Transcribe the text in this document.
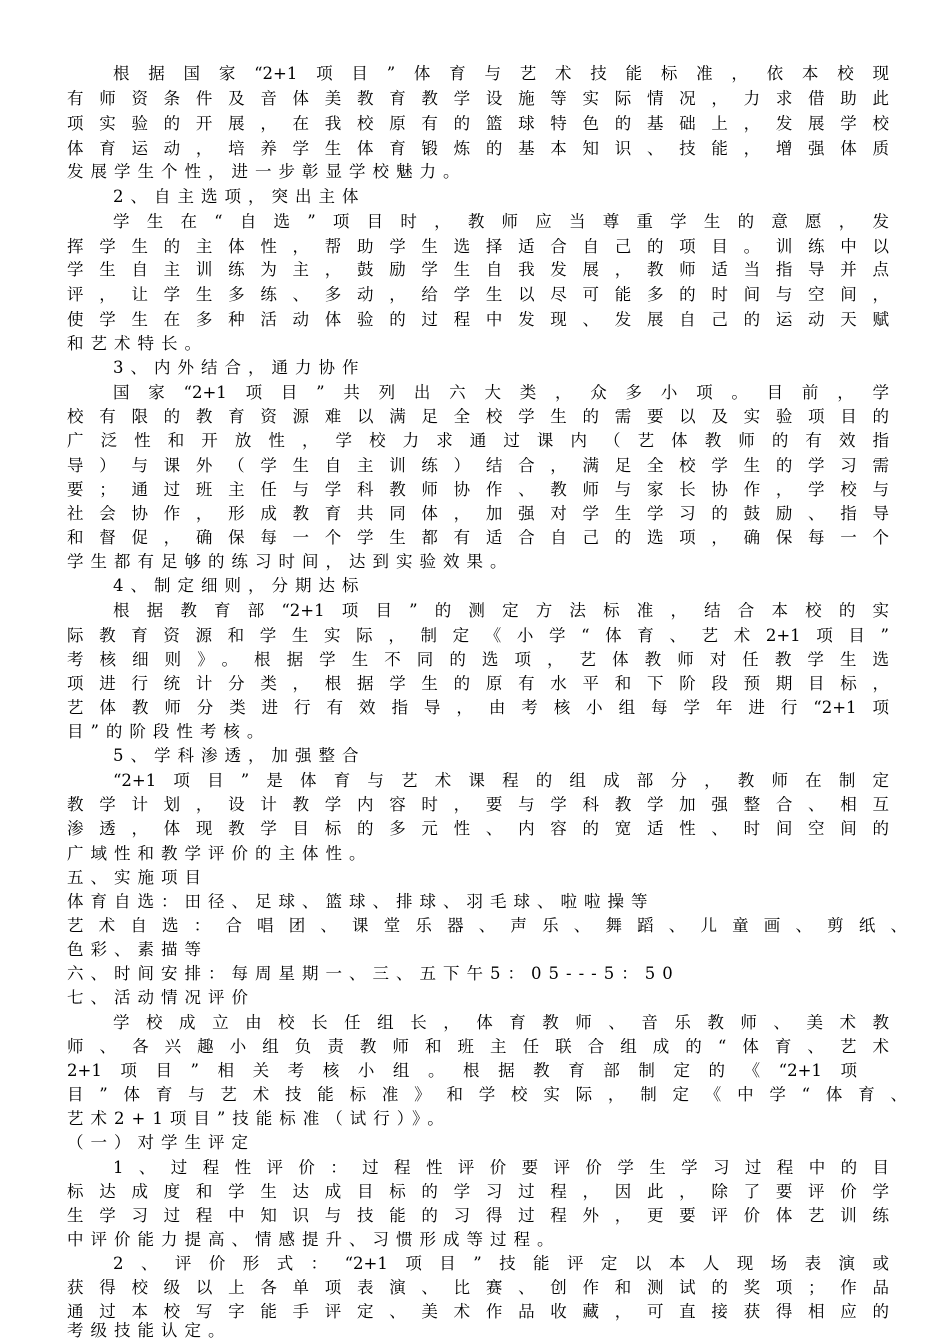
根据国家“2+1项目”体育与艺术技能标准，依本校现
有师资条件及音体美教育教学设施等实际情况，力求借助此
项实验的开展，在我校原有的篮球特色的基础上，发展学校
体育运动，培养学生体育锻炼的基本知识、技能，增强体质
发展学生个性，进一步彰显学校魅力。
2、自主选项，突出主体
学生在“自选”项目时，教师应当尊重学生的意愿，发
挥学生的主体性，帮助学生选择适合自己的项目。训练中以
学生自主训练为主，鼓励学生自我发展，教师适当指导并点
评，让学生多练、多动，给学生以尽可能多的时间与空间，
使学生在多种活动体验的过程中发现、发展自己的运动天赋
和艺术特长。
3、内外结合，通力协作
国家“2+1项目”共列出六大类，众多小项。目前，学
校有限的教育资源难以满足全校学生的需要以及实验项目的
广泛性和开放性，学校力求通过课内（艺体教师的有效指
导）与课外（学生自主训练）结合，满足全校学生的学习需
要；通过班主任与学科教师协作、教师与家长协作，学校与
社会协作，形成教育共同体，加强对学生学习的鼓励、指导
和督促，确保每一个学生都有适合自己的选项，确保每一个
学生都有足够的练习时间，达到实验效果。
4、制定细则，分期达标
根据教育部“2+1项目”的测定方法标准，结合本校的实
际教育资源和学生实际，制定《小学“体育、艺术2+1项目”
考核细则》。根据学生不同的选项，艺体教师对任教学生选
项进行统计分类，根据学生的原有水平和下阶段预期目标，
艺体教师分类进行有效指导，由考核小组每学年进行“2+1项
目”的阶段性考核。
5、学科渗透，加强整合
“2+1项目”是体育与艺术课程的组成部分，教师在制定
教学计划，设计教学内容时，要与学科教学加强整合、相互
渗透，体现教学目标的多元性、内容的宽适性、时间空间的
广域性和教学评价的主体性。
五、实施项目
体育自选：田径、足球、篮球、排球、羽毛球、啦啦操等
艺术自选：合唱团、课堂乐器、声乐、舞蹈、儿童画、剪纸、
色彩、素描等
六、时间安排：每周星期一、三、五下午5：05---5：50
七、活动情况评价
学校成立由校长任组长，体育教师、音乐教师、美术教
师、各兴趣小组负责教师和班主任联合组成的“体育、艺术
2+1项目”相关考核小组。根据教育部制定的《“2+1项
目”体育与艺术技能标准》和学校实际，制定《中学“体育、
艺术2+1项目”技能标准（试行）》。
（一）对学生评定
1、过程性评价：过程性评价要评价学生学习过程中的目
标达成度和学生达成目标的学习过程，因此，除了要评价学
生学习过程中知识与技能的习得过程外，更要评价体艺训练
中评价能力提高、情感提升、习惯形成等过程。
2、评价形式：“2+1项目”技能评定以本人现场表演或
获得校级以上各单项表演、比赛、创作和测试的奖项；作品
通过本校写字能手评定、美术作品收藏，可直接获得相应的
考级技能认定。
